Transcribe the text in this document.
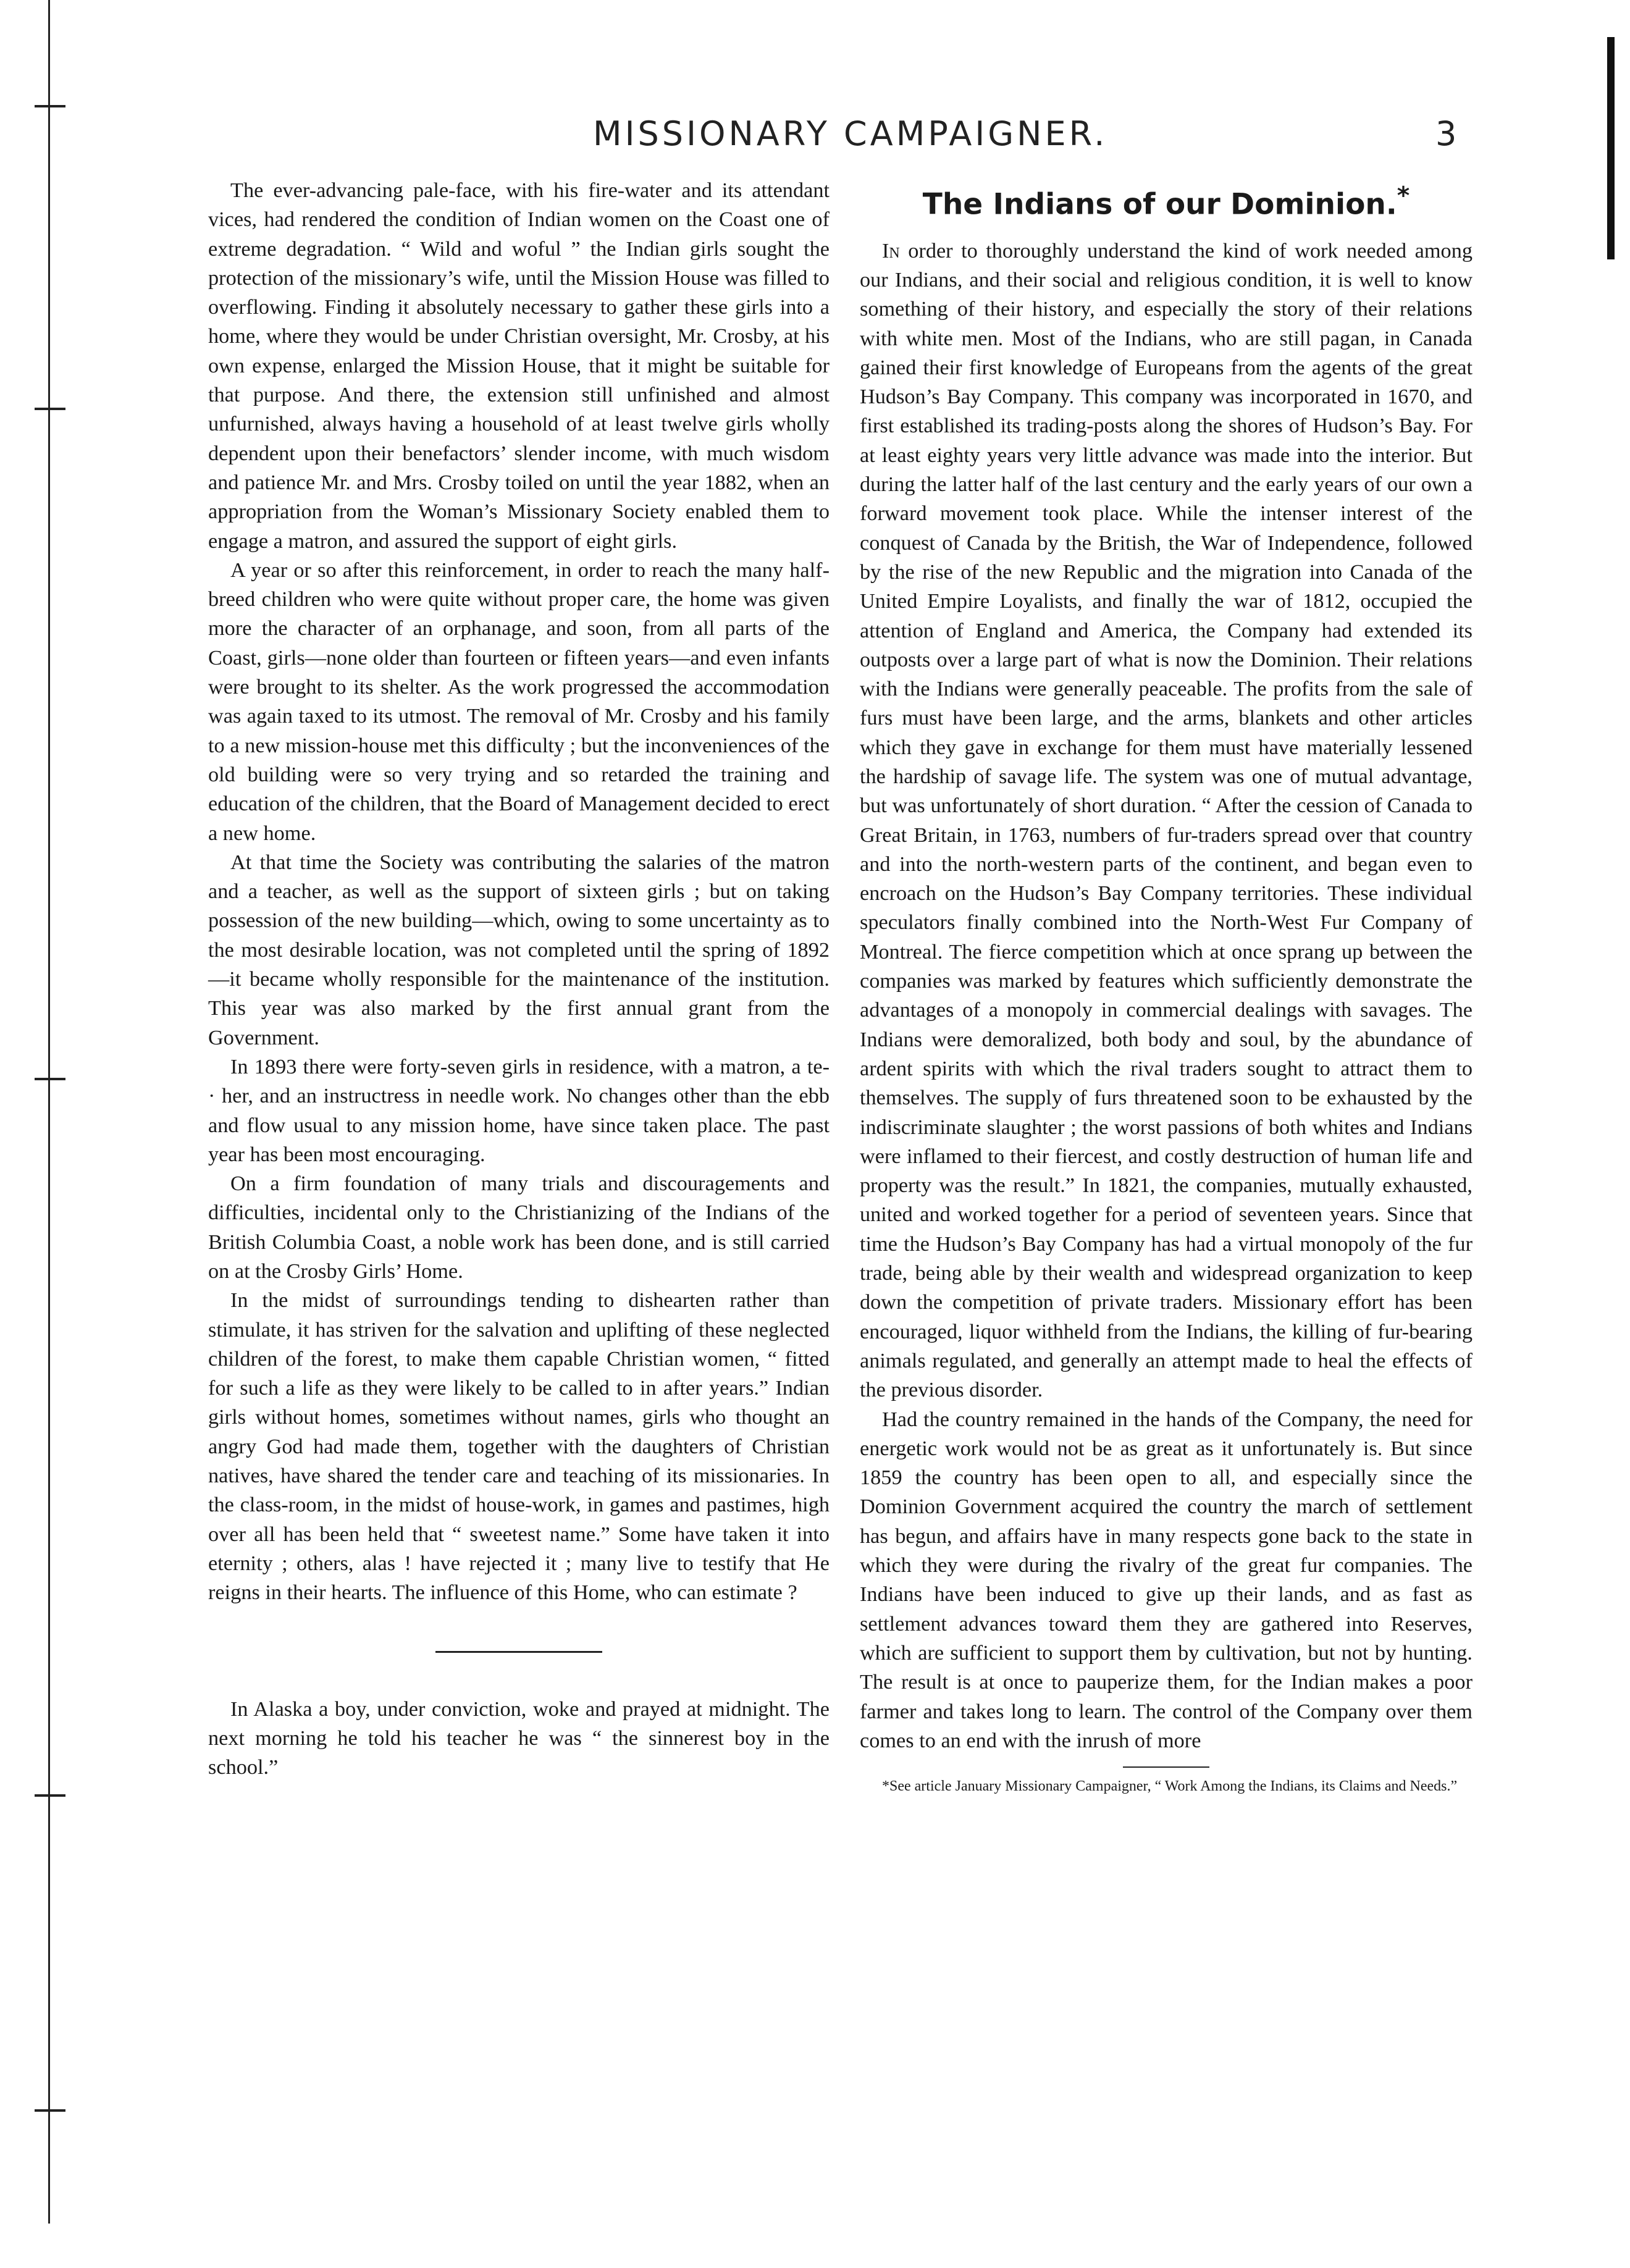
MISSIONARY CAMPAIGNER.	3

The ever-advancing pale-face, with his fire-water and its attendant vices, had rendered the condition of Indian women on the Coast one of extreme degradation. “ Wild and woful ” the Indian girls sought the protection of the missionary’s wife, until the Mission House was filled to overflowing. Finding it absolutely necessary to gather these girls into a home, where they would be under Christian oversight, Mr. Crosby, at his own expense, enlarged the Mission House, that it might be suitable for that purpose. And there, the extension still unfinished and almost unfurnished, always having a household of at least twelve girls wholly dependent upon their benefactors’ slender income, with much wisdom and patience Mr. and Mrs. Crosby toiled on until the year 1882, when an appropriation from the Woman’s Missionary Society enabled them to engage a matron, and assured the support of eight girls.

A year or so after this reinforcement, in order to reach the many half-breed children who were quite without proper care, the home was given more the character of an orphanage, and soon, from all parts of the Coast, girls—none older than fourteen or fifteen years—and even infants were brought to its shelter. As the work progressed the accommodation was again taxed to its utmost. The removal of Mr. Crosby and his family to a new mission-house met this difficulty ; but the inconveniences of the old building were so very trying and so retarded the training and education of the children, that the Board of Management decided to erect a new home.

At that time the Society was contributing the salaries of the matron and a teacher, as well as the support of sixteen girls ; but on taking possession of the new building—which, owing to some uncertainty as to the most desirable location, was not completed until the spring of 1892—it became wholly responsible for the maintenance of the institution. This year was also marked by the first annual grant from the Government.

In 1893 there were forty-seven girls in residence, with a matron, a te- · her, and an instructress in needle work. No changes other than the ebb and flow usual to any mission home, have since taken place. The past year has been most encouraging.

On a firm foundation of many trials and discouragements and difficulties, incidental only to the Christianizing of the Indians of the British Columbia Coast, a noble work has been done, and is still carried on at the Crosby Girls’ Home.

In the midst of surroundings tending to dishearten rather than stimulate, it has striven for the salvation and uplifting of these neglected children of the forest, to make them capable Christian women, “ fitted for such a life as they were likely to be called to in after years.” Indian girls without homes, sometimes without names, girls who thought an angry God had made them, together with the daughters of Christian natives, have shared the tender care and teaching of its missionaries. In the class-room, in the midst of house-work, in games and pastimes, high over all has been held that “ sweetest name.” Some have taken it into eternity ; others, alas ! have rejected it ; many live to testify that He reigns in their hearts. The influence of this Home, who can estimate ?

In Alaska a boy, under conviction, woke and prayed at midnight. The next morning he told his teacher he was “ the sinnerest boy in the school.”

The Indians of our Dominion.*

In order to thoroughly understand the kind of work needed among our Indians, and their social and religious condition, it is well to know something of their history, and especially the story of their relations with white men. Most of the Indians, who are still pagan, in Canada gained their first knowledge of Europeans from the agents of the great Hudson’s Bay Company. This company was incorporated in 1670, and first established its trading-posts along the shores of Hudson’s Bay. For at least eighty years very little advance was made into the interior. But during the latter half of the last century and the early years of our own a forward movement took place. While the intenser interest of the conquest of Canada by the British, the War of Independence, followed by the rise of the new Republic and the migration into Canada of the United Empire Loyalists, and finally the war of 1812, occupied the attention of England and America, the Company had extended its outposts over a large part of what is now the Dominion. Their relations with the Indians were generally peaceable. The profits from the sale of furs must have been large, and the arms, blankets and other articles which they gave in exchange for them must have materially lessened the hardship of savage life. The system was one of mutual advantage, but was unfortunately of short duration. “ After the cession of Canada to Great Britain, in 1763, numbers of fur-traders spread over that country and into the north-western parts of the continent, and began even to encroach on the Hudson’s Bay Company territories. These individual speculators finally combined into the North-West Fur Company of Montreal. The fierce competition which at once sprang up between the companies was marked by features which sufficiently demonstrate the advantages of a monopoly in commercial dealings with savages. The Indians were demoralized, both body and soul, by the abundance of ardent spirits with which the rival traders sought to attract them to themselves. The supply of furs threatened soon to be exhausted by the indiscriminate slaughter ; the worst passions of both whites and Indians were inflamed to their fiercest, and costly destruction of human life and property was the result.” In 1821, the companies, mutually exhausted, united and worked together for a period of seventeen years. Since that time the Hudson’s Bay Company has had a virtual monopoly of the fur trade, being able by their wealth and widespread organization to keep down the competition of private traders. Missionary effort has been encouraged, liquor withheld from the Indians, the killing of fur-bearing animals regulated, and generally an attempt made to heal the effects of the previous disorder.

Had the country remained in the hands of the Company, the need for energetic work would not be as great as it unfortunately is. But since 1859 the country has been open to all, and especially since the Dominion Government acquired the country the march of settlement has begun, and affairs have in many respects gone back to the state in which they were during the rivalry of the great fur companies. The Indians have been induced to give up their lands, and as fast as settlement advances toward them they are gathered into Reserves, which are sufficient to support them by cultivation, but not by hunting. The result is at once to pauperize them, for the Indian makes a poor farmer and takes long to learn. The control of the Company over them comes to an end with the inrush of more

*See article January Missionary Campaigner, “ Work Among the Indians, its Claims and Needs.”
